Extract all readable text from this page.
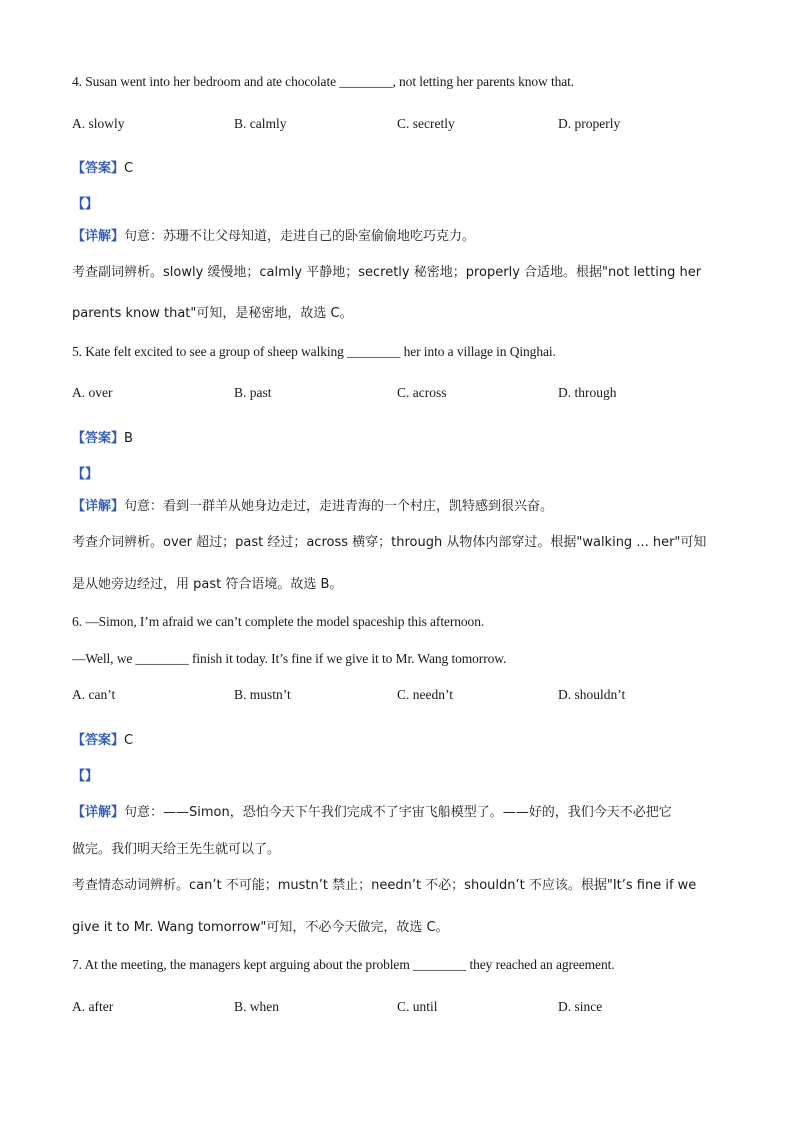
4. Susan went into her bedroom and ate chocolate ________, not letting her parents know that.
A. slowly	B. calmly	C. secretly	D. properly
【答案】C
【】
【详解】句意：苏珊不让父母知道，走进自己的卧室偷偷地吃巧克力。
考查副词辨析。slowly 缓慢地；calmly 平静地；secretly 秘密地；properly 合适地。根据"not letting her
parents know that"可知，是秘密地，故选 C。
5. Kate felt excited to see a group of sheep walking ________ her into a village in Qinghai.
A. over	B. past	C. across	D. through
【答案】B
【】
【详解】句意：看到一群羊从她身边走过，走进青海的一个村庄，凯特感到很兴奋。
考查介词辨析。over 超过；past 经过；across 横穿；through 从物体内部穿过。根据"walking ... her"可知
是从她旁边经过，用 past 符合语境。故选 B。
6. —Simon, I’m afraid we can’t complete the model spaceship this afternoon.
—Well, we ________ finish it today. It’s fine if we give it to Mr. Wang tomorrow.
A. can’t	B. mustn’t	C. needn’t	D. shouldn’t
【答案】C
【】
【详解】句意：——Simon，恐怕今天下午我们完成不了宇宙飞船模型了。——好的，我们今天不必把它
做完。我们明天给王先生就可以了。
考查情态动词辨析。can’t 不可能；mustn’t 禁止；needn’t 不必；shouldn’t 不应该。根据"It’s fine if we
give it to Mr. Wang tomorrow"可知，不必今天做完，故选 C。
7. At the meeting, the managers kept arguing about the problem ________ they reached an agreement.
A. after	B. when	C. until	D. since
